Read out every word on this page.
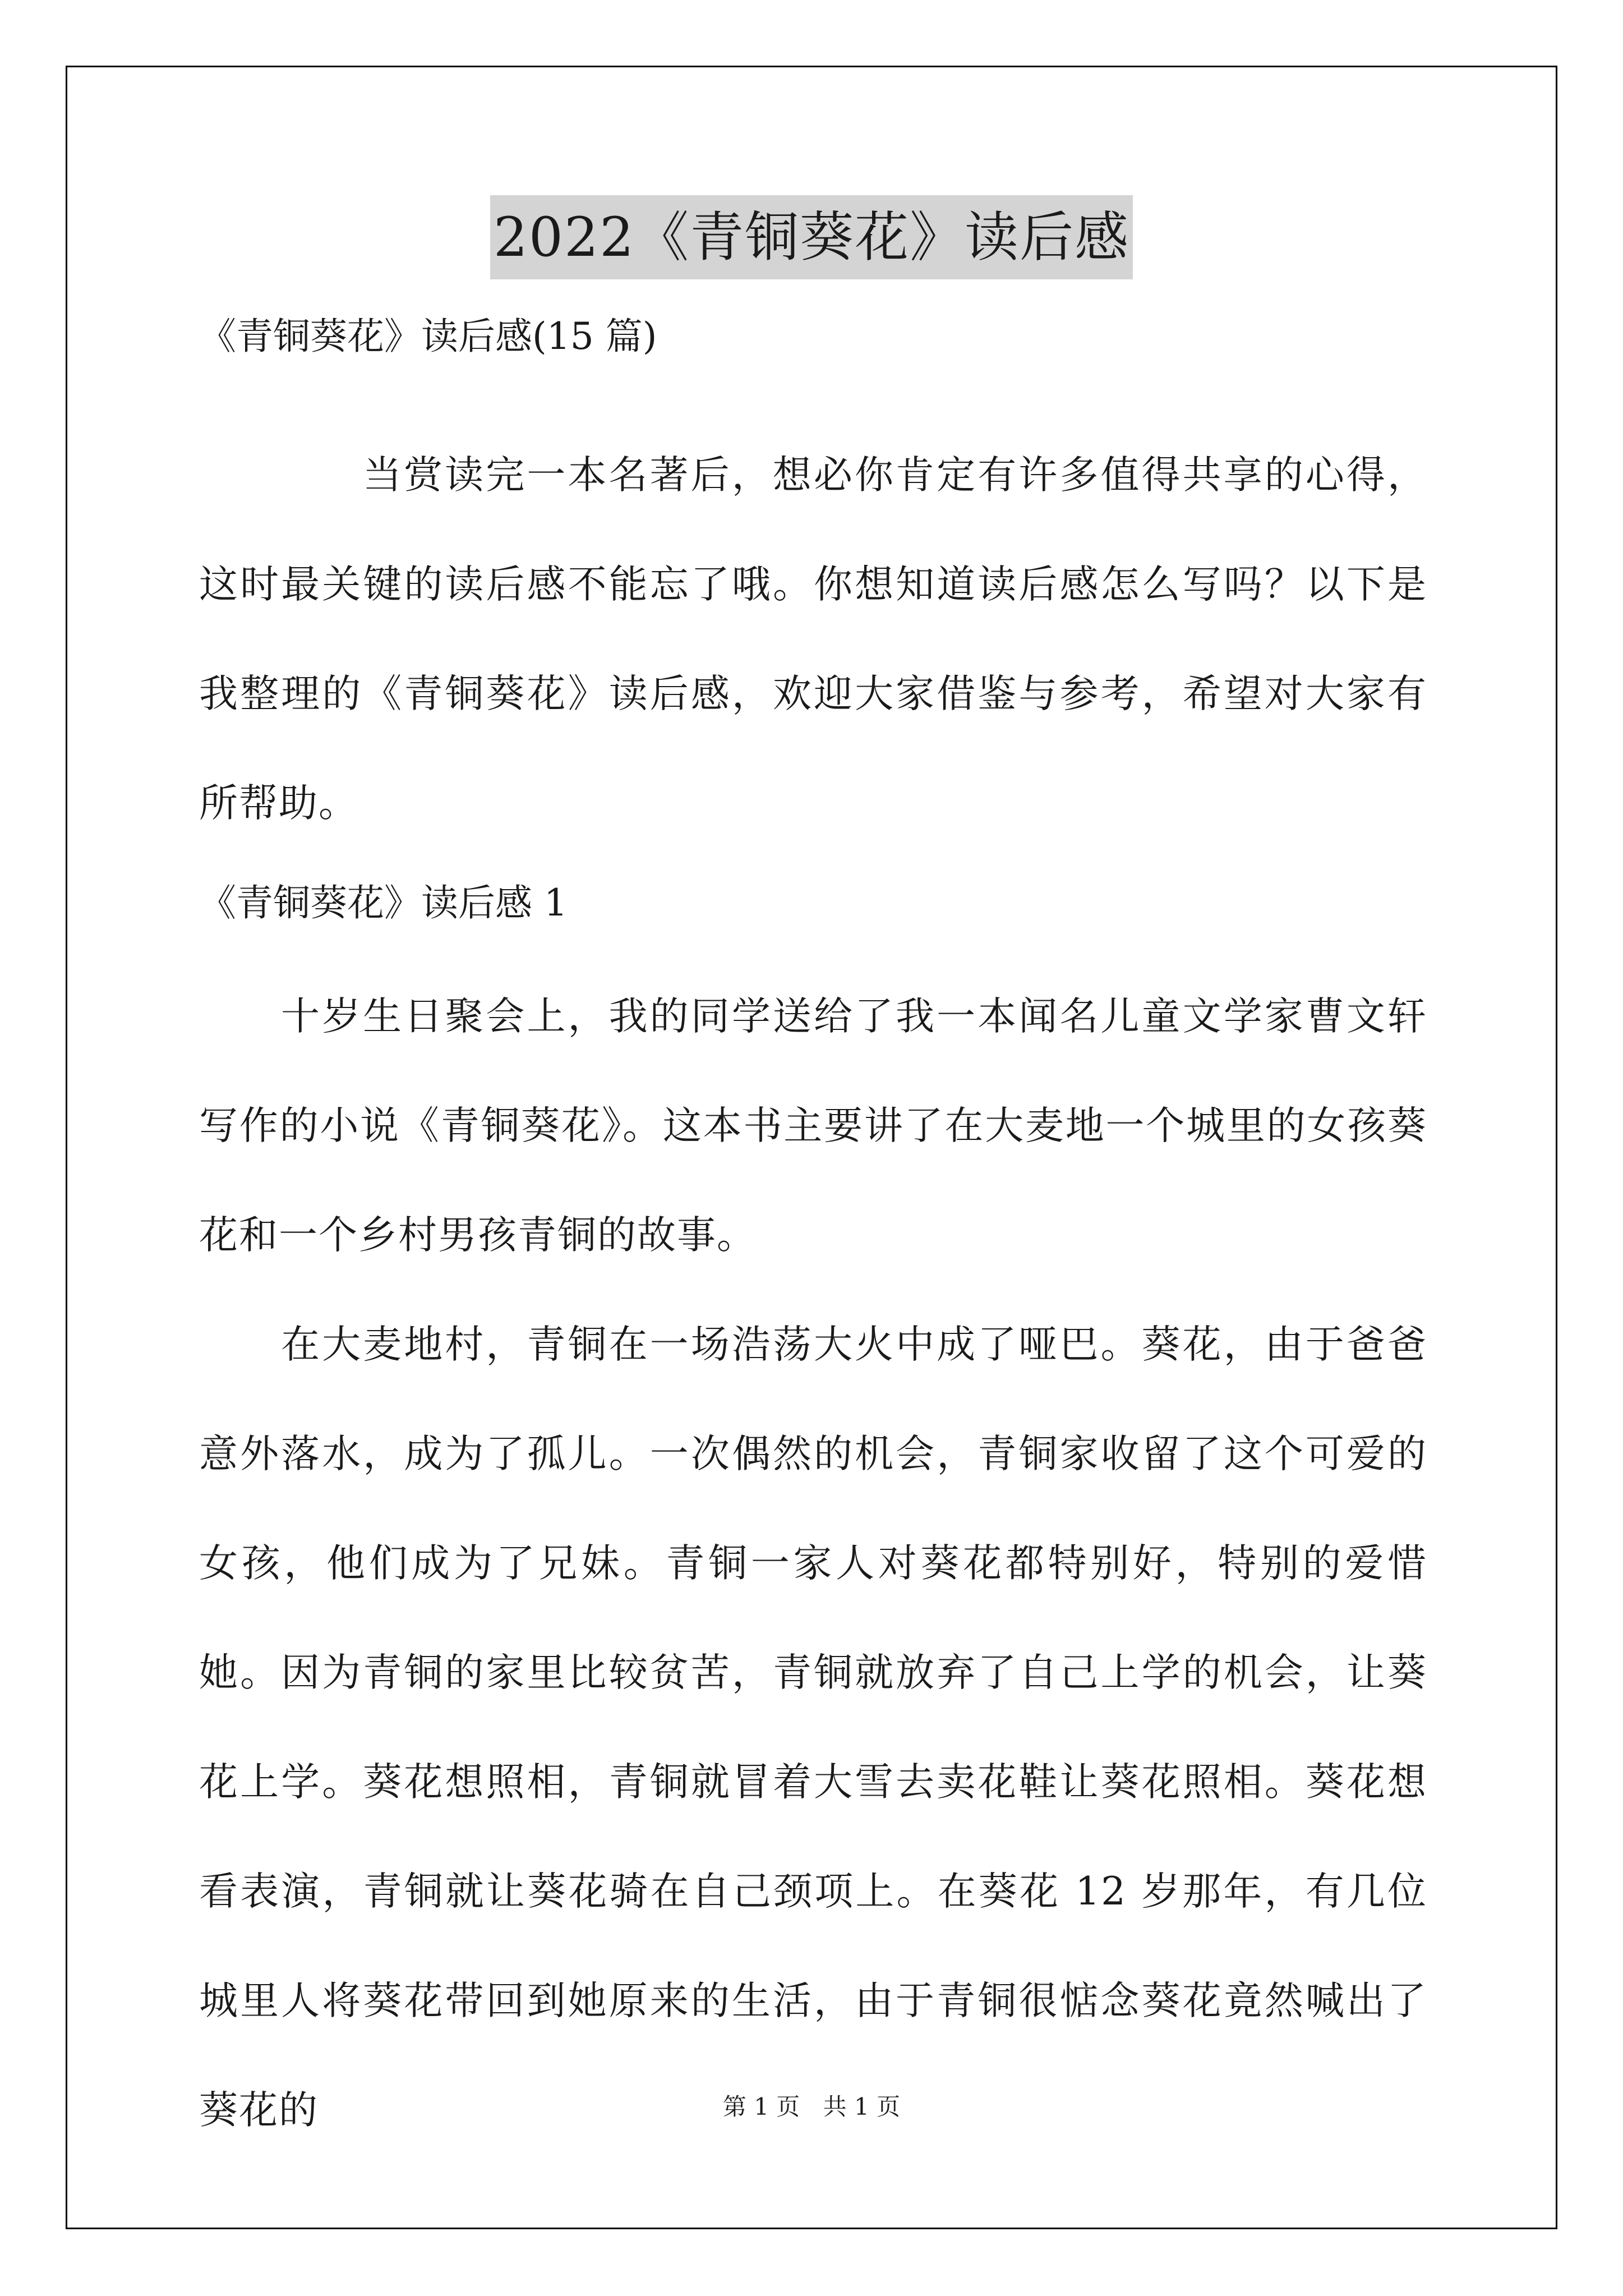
2022《青铜葵花》读后感

《青铜葵花》读后感(15 篇)

当赏读完一本名著后，想必你肯定有许多值得共享的心得，这时最关键的读后感不能忘了哦。你想知道读后感怎么写吗？以下是我整理的《青铜葵花》读后感，欢迎大家借鉴与参考，希望对大家有所帮助。

《青铜葵花》读后感 1

十岁生日聚会上，我的同学送给了我一本闻名儿童文学家曹文轩写作的小说《青铜葵花》。这本书主要讲了在大麦地一个城里的女孩葵花和一个乡村男孩青铜的故事。

在大麦地村，青铜在一场浩荡大火中成了哑巴。葵花，由于爸爸意外落水，成为了孤儿。一次偶然的机会，青铜家收留了这个可爱的女孩，他们成为了兄妹。青铜一家人对葵花都特别好，特别的爱惜她。因为青铜的家里比较贫苦，青铜就放弃了自己上学的机会，让葵花上学。葵花想照相，青铜就冒着大雪去卖花鞋让葵花照相。葵花想看表演，青铜就让葵花骑在自己颈项上。在葵花 12 岁那年，有几位城里人将葵花带回到她原来的生活，由于青铜很惦念葵花竟然喊出了葵花的	第 1 页 共 1 页
